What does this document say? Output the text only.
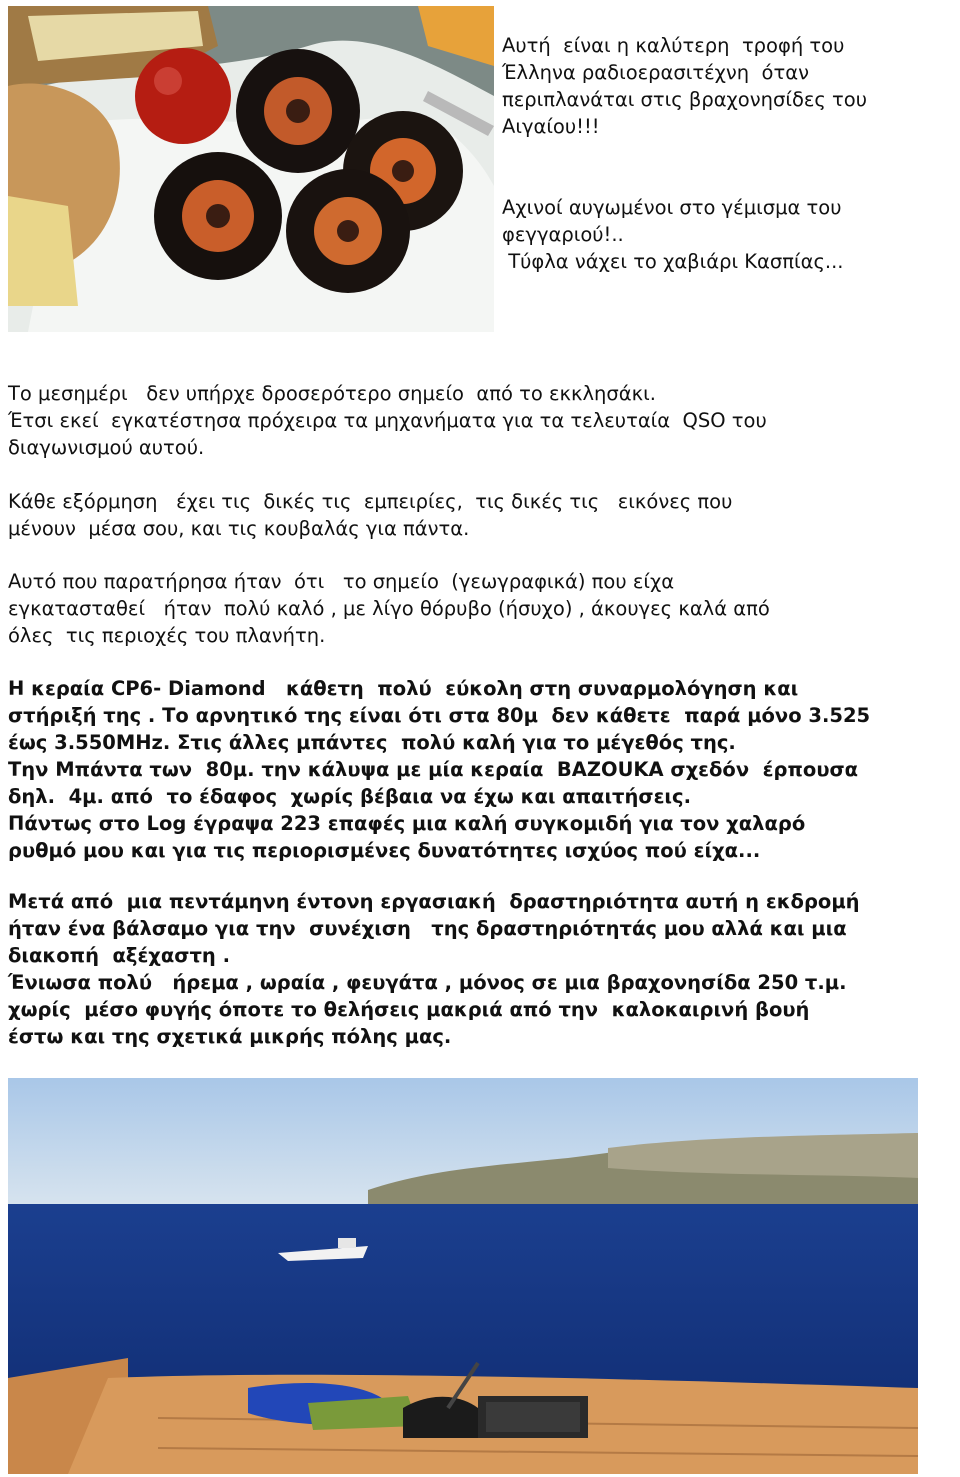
Αυτή  είναι η καλύτερη  τροφή του
Έλληνα ραδιοερασιτέχνη  όταν
περιπλανάται στις βραχονησίδες του
Αιγαίου!!!
Αχινοί αυγωμένοι στο γέμισμα του
φεγγαριού!..
Τύφλα νάχει το χαβιάρι Κασπίας...
Το μεσημέρι   δεν υπήρχε δροσερότερο σημείο  από το εκκλησάκι.
Έτσι εκεί  εγκατέστησα πρόχειρα τα μηχανήματα για τα τελευταία  QSO του
διαγωνισμού αυτού.
Κάθε εξόρμηση   έχει τις  δικές τις  εμπειρίες,  τις δικές τις   εικόνες που
μένουν  μέσα σου, και τις κουβαλάς για πάντα.
Αυτό που παρατήρησα ήταν  ότι   το σημείο  (γεωγραφικά) που είχα
εγκατασταθεί   ήταν  πολύ καλό , με λίγο θόρυβο (ήσυχο) , άκουγες καλά από
όλες  τις περιοχές του πλανήτη.
Η κεραία CP6- Diamond   κάθετη  πολύ  εύκολη στη συναρμολόγηση και
στήριξή της . Το αρνητικό της είναι ότι στα 80μ  δεν κάθετε  παρά μόνο 3.525
έως 3.550MHz. Στις άλλες μπάντες  πολύ καλή για το μέγεθός της.
Την Μπάντα των  80μ. την κάλυψα με μία κεραία  BAZOUKA σχεδόν  έρπουσα
δηλ.  4μ. από  το έδαφος  χωρίς βέβαια να έχω και απαιτήσεις.
Πάντως στο Log έγραψα 223 επαφές μια καλή συγκομιδή για τον χαλαρό
ρυθμό μου και για τις περιορισμένες δυνατότητες ισχύος πού είχα...
Μετά από  μια πεντάμηνη έντονη εργασιακή  δραστηριότητα αυτή η εκδρομή
ήταν ένα βάλσαμο για την  συνέχιση   της δραστηριότητάς μου αλλά και μια
διακοπή  αξέχαστη .
Ένιωσα πολύ   ήρεμα , ωραία , φευγάτα , μόνος σε μια βραχονησίδα 250 τ.μ.
χωρίς  μέσο φυγής όποτε το θελήσεις μακριά από την  καλοκαιρινή βουή
έστω και της σχετικά μικρής πόλης μας.
